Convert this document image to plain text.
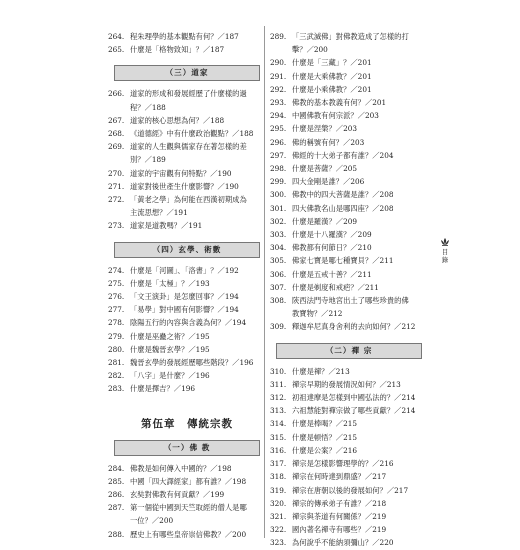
264. 程朱理學的基本觀點有何？／187
265. 什麼是「格物致知」？／187
（三）道家
266. 道家的形成和發展經歷了什麼樣的過
程？／188
267. 道家的核心思想為何？／188
268. 《道德經》中有什麼政治觀點？／188
269. 道家的人生觀與儒家存在著怎樣的差
別？／189
270. 道家的宇宙觀有何特點？／190
271. 道家對後世產生什麼影響？／190
272. 「黃老之學」為何能在西漢初期成為
主流思想？／191
273. 道家是道教嗎？／191
（四）玄學、術數
274. 什麼是「河圖」、「洛書」？／192
275. 什麼是「太極」？／193
276. 「文王演卦」是怎麼回事？／194
277. 「易學」對中國有何影響？／194
278. 陰陽五行的內容與含義為何？／194
279. 什麼是巫蠱之術？／195
280. 什麼是魏晉玄學？／195
281. 魏晉玄學的發展經歷哪些階段？／196
282. 「八字」是什麼？／196
283. 什麼是擇吉？／196
第伍章　傳統宗教
（一）佛 教
284. 佛教是如何傳入中國的？／198
285. 中國「四大譯經家」都有誰？／198
286. 玄奘對佛教有何貢獻？／199
287. 第一個從中國到天竺取經的僧人是哪
一位？／200
288. 歷史上有哪些皇帝崇信佛教？／200
289. 「三武滅佛」對佛教造成了怎樣的打
擊？／200
290. 什麼是「三藏」？／201
291. 什麼是大乘佛教？／201
292. 什麼是小乘佛教？／201
293. 佛教的基本教義有何？／201
294. 中國佛教有何宗派？／203
295. 什麼是涅槃？／203
296. 佛的稱號有何？／203
297. 佛經的十大弟子都有誰？／204
298. 什麼是菩薩？／205
299. 四大金剛是誰？／206
300. 佛教中的四大菩薩是誰？／208
301. 四大佛教名山是哪四座？／208
302. 什麼是羅漢？／209
303. 什麼是十八羅漢？／209
304. 佛教都有何節日？／210
305. 佛家七寶是哪七種寶貝？／211
306. 什麼是五戒十善？／211
307. 什麼是剃度和戒疤？／211
308. 陝西法門寺地宮出土了哪些珍貴的佛
教寶物？／212
309. 釋迦牟尼真身舍利的去向如何？／212
（二）禪 宗
310. 什麼是禪？／213
311. 禪宗早期的發展情況如何？／213
312. 初祖達摩是怎樣到中國弘法的？／214
313. 六祖慧能對禪宗做了哪些貢獻？／214
314. 什麼是棒喝？／215
315. 什麼是頓悟？／215
316. 什麼是公案？／216
317. 禪宗是怎樣影響理學的？／216
318. 禪宗在何時達到鼎盛？／217
319. 禪宗在唐朝以後的發展如何？／217
320. 禪宗的傳承弟子有誰？／218
321. 禪宗與茶道有何關係？／219
322. 國內著名禪寺有哪些？／219
323. 為何說乎不能納須彌山？／220
目錄
